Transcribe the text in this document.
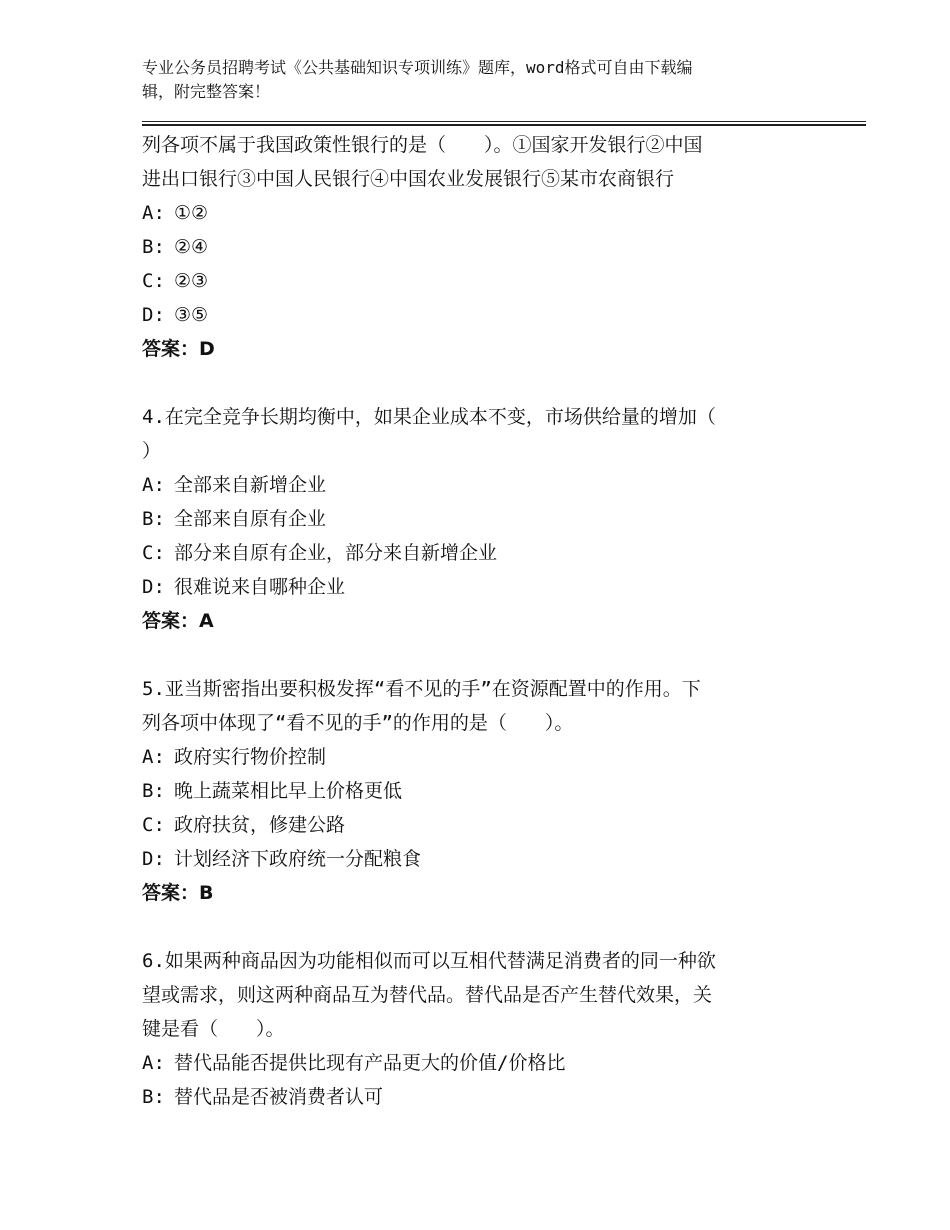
专业公务员招聘考试《公共基础知识专项训练》题库，word格式可自由下载编
辑，附完整答案！
列各项不属于我国政策性银行的是（　　）。①国家开发银行②中国
进出口银行③中国人民银行④中国农业发展银行⑤某市农商银行
A: ①②
B: ②④
C: ②③
D: ③⑤
答案：D
4.在完全竞争长期均衡中，如果企业成本不变，市场供给量的增加（
）
A: 全部来自新增企业
B: 全部来自原有企业
C: 部分来自原有企业，部分来自新增企业
D: 很难说来自哪种企业
答案：A
5.亚当斯密指出要积极发挥“看不见的手”在资源配置中的作用。下
列各项中体现了“看不见的手”的作用的是（　　）。
A: 政府实行物价控制
B: 晚上蔬菜相比早上价格更低
C: 政府扶贫，修建公路
D: 计划经济下政府统一分配粮食
答案：B
6.如果两种商品因为功能相似而可以互相代替满足消费者的同一种欲
望或需求，则这两种商品互为替代品。替代品是否产生替代效果，关
键是看（　　）。
A: 替代品能否提供比现有产品更大的价值/价格比
B: 替代品是否被消费者认可
